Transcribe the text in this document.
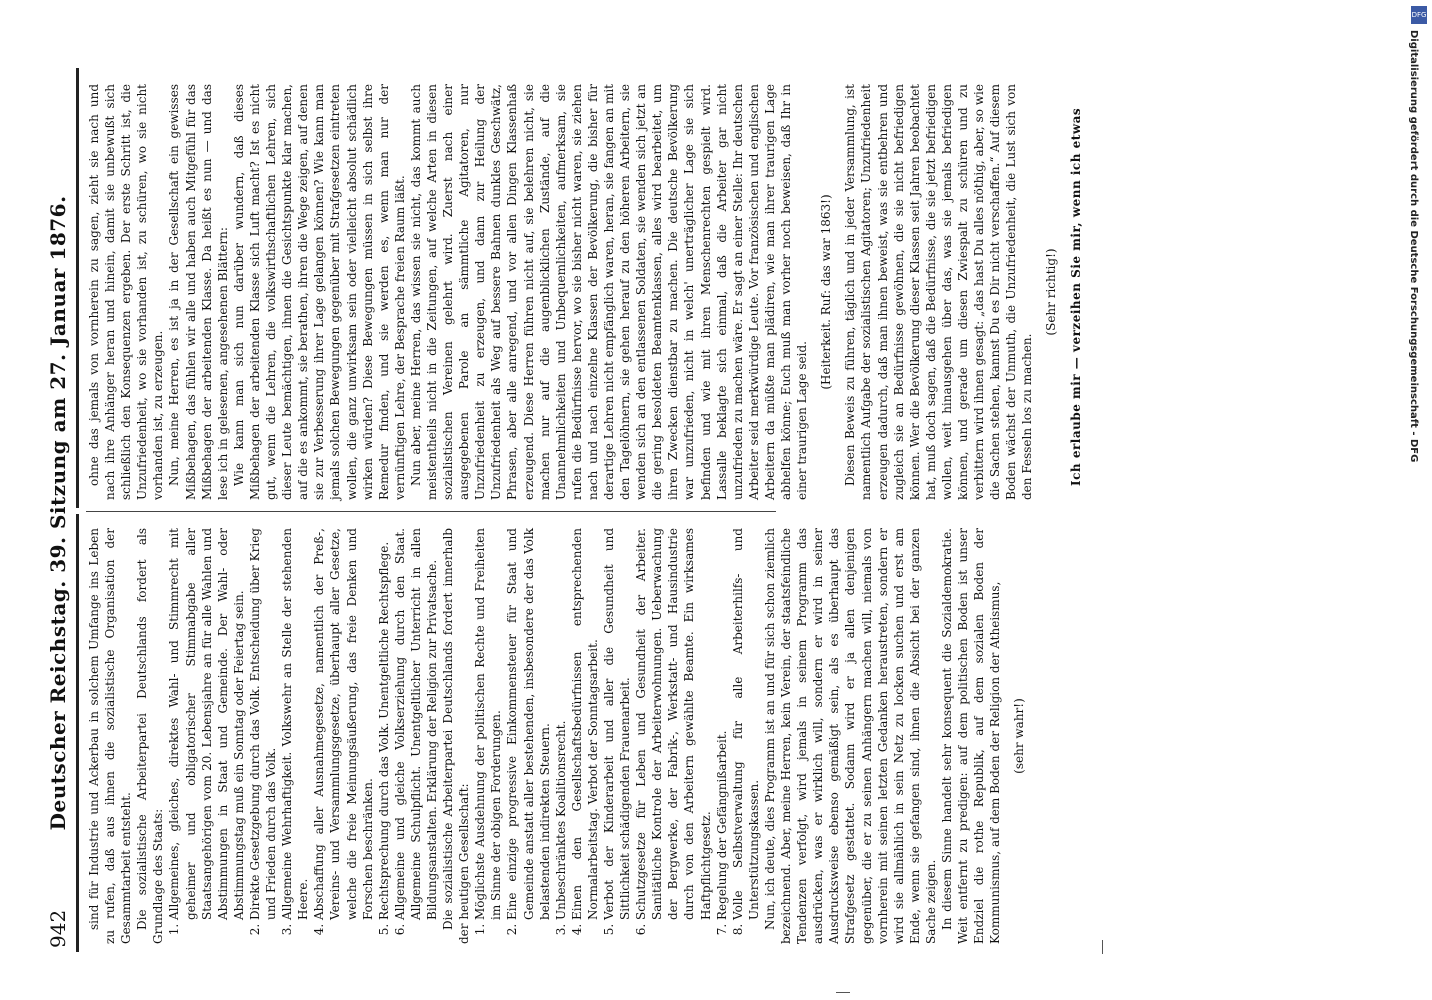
942
Deutscher Reichstag. 39. Sitzung am 27. Januar 1876. sind für Industrie und Ackerbau in solchem Umfange ins Leben zu rufen, daß aus ihnen die sozialistische Organisation der Gesammtarbeit entsteht. Die sozialistische Arbeiterpartei Deutschlands fordert als Grundlage des Staats: 1. Allgemeines, gleiches, direktes Wahl- und Stimmrecht mit geheimer und obligatorischer Stimmabgabe aller Staatsangehörigen vom 20. Lebensjahre an für alle Wahlen und Abstimmungen in Staat und Gemeinde. Der Wahl- oder Abstimmungstag muß ein Sonntag oder Feiertag sein. 2. Direkte Gesetzgebung durch das Volk. Entscheidung über Krieg und Frieden durch das Volk. 3. Allgemeine Wehrhaftigkeit. Volkswehr an Stelle der stehenden Heere. 4. Abschaffung aller Ausnahmegesetze, namentlich der Preß-, Vereins- und Versammlungsgesetze, überhaupt aller Gesetze, welche die freie Meinungsäußerung, das freie Denken und Forschen beschränken. 5. Rechtsprechung durch das Volk. Unentgeltliche Rechtspflege. 6. Allgemeine und gleiche Volkserziehung durch den Staat. Allgemeine Schulpflicht. Unentgeltlicher Unterricht in allen Bildungsanstalten. Erklärung der Religion zur Privatsache. Die sozialistische Arbeiterpartei Deutschlands fordert innerhalb der heutigen Gesellschaft: 1. Möglichste Ausdehnung der politischen Rechte und Freiheiten im Sinne der obigen Forderungen. 2. Eine einzige progressive Einkommensteuer für Staat und Gemeinde anstatt aller bestehenden, insbesondere der das Volk belastenden indirekten Steuern. 3. Unbeschränktes Koalitionsrecht. 4. Einen den Gesellschaftsbedürfnissen entsprechenden Normalarbeitstag. Verbot der Sonntagsarbeit. 5. Verbot der Kinderarbeit und aller die Gesundheit und Sittlichkeit schädigenden Frauenarbeit. 6. Schutzgesetze für Leben und Gesundheit der Arbeiter. Sanitätliche Kontrole der Arbeiterwohnungen. Ueberwachung der Bergwerke, der Fabrik-, Werkstatt- und Hausindustrie durch von den Arbeitern gewählte Beamte. Ein wirksames Haftpflichtgesetz. 7. Regelung der Gefängnißarbeit. 8. Volle Selbstverwaltung für alle Arbeiterhilfs- und Unterstützungskassen. Nun, ich deute, dies Programm ist an und für sich schon ziemlich bezeichnend. Aber, meine Herren, kein Verein, der staatsfeindliche Tendenzen verfolgt, wird jemals in seinem Programm das ausdrücken, was er wirklich will, sondern er wird in seiner Ausdrucksweise ebenso gemäßigt sein, als es überhaupt das Strafgesetz gestattet. Sodann wird er ja allen denjenigen gegenüber, die er zu seinen Anhängern machen will, niemals von vornherein mit seinen letzten Gedanken heraustreten, sondern er wird sie allmählich in sein Netz zu locken suchen und erst am Ende, wenn sie gefangen sind, ihnen die Absicht bei der ganzen Sache zeigen. In diesem Sinne handelt sehr konsequent die Sozialdemokratie. Weit entfernt zu predigen: auf dem politischen Boden ist unser Endziel die rothe Republik, auf dem sozialen Boden der Kommunismus, auf dem Boden der Religion der Atheismus, (sehr wahr!)

ohne das jemals von vornherein zu sagen, zieht sie nach und nach ihre Anhänger heran und hinein, damit sie unbewußt sich schließlich den Konsequenzen ergeben. Der erste Schritt ist, die Unzufriedenheit, wo sie vorhanden ist, zu schüren, wo sie nicht vorhanden ist, zu erzeugen. Nun, meine Herren, es ist ja in der Gesellschaft ein gewisses Mißbehagen, das fühlen wir alle und haben auch Mitgefühl für das Mißbehagen der arbeitenden Klasse. Da heißt es nun — und das lese ich in gelesenen, angesehenen Blättern: Wie kann man sich nun darüber wundern, daß dieses Mißbehagen der arbeitenden Klasse sich Luft macht? Ist es nicht gut, wenn die Lehren, die volkswirthschaftlichen Lehren, sich dieser Leute bemächtigen, ihnen die Gesichtspunkte klar machen, auf die es ankommt, sie berathen, ihren die Wege zeigen, auf denen sie zur Verbesserung ihrer Lage gelangen können? Wie kann man jemals solchen Bewegungen gegenüber mit Strafgesetzen eintreten wollen, die ganz unwirksam sein oder vielleicht absolut schädlich wirken würden? Diese Bewegungen müssen in sich selbst ihre Remedur finden, und sie werden es, wenn man nur der vernünftigen Lehre, der Besprache freien Raum läßt. Nun aber, meine Herren, das wissen sie nicht, das kommt auch meistentheils nicht in die Zeitungen, auf welche Arten in diesen sozialistischen Vereinen gelehrt wird. Zuerst nach einer ausgegebenen Parole an sämmtliche Agitatoren, nur Unzufriedenheit zu erzeugen, und dann zur Heilung der Unzufriedenheit als Weg auf bessere Bahnen dunkles Geschwätz, Phrasen, aber alle anregend, und vor allen Dingen Klassenhaß erzeugend. Diese Herren führen nicht auf, sie belehren nicht, sie machen nur auf die augenblicklichen Zustände, auf die Unannehmlichkeiten und Unbequemlichkeiten, aufmerksam, sie rufen die Bedürfnisse hervor, wo sie bisher nicht waren, sie ziehen nach und nach einzelne Klassen der Bevölkerung, die bisher für derartige Lehren nicht empfänglich waren, heran, sie fangen an mit den Tagelöhnern, sie gehen herauf zu den höheren Arbeitern, sie wenden sich an den entlassenen Soldaten, sie wenden sich jetzt an die gering besoldeten Beamtenklassen, alles wird bearbeitet, um ihren Zwecken dienstbar zu machen. Die deutsche Bevölkerung war unzufrieden, nicht in welch' unerträglicher Lage sie sich befinden und wie mit ihren Menschenrechten gespielt wird. Lassalle beklagte sich einmal, daß die Arbeiter gar nicht unzufrieden zu machen wäre. Er sagt an einer Stelle: Ihr deutschen Arbeiter seid merkwürdige Leute. Vor französischen und englischen Arbeitern da müßte man plädiren, wie man ihrer traurigen Lage abhelfen könne; Euch muß man vorher noch beweisen, daß Ihr in einer traurigen Lage seid.

(Heiterkeit. Ruf: das war 1863!) Diesen Beweis zu führen, täglich und in jeder Versammlung, ist namentlich Aufgabe der sozialistischen Agitatoren; Unzufriedenheit erzeugen dadurch, daß man ihnen beweist, was sie entbehren und zugleich sie an Bedürfnisse gewöhnen, die sie nicht befriedigen können. Wer die Bevölkerung dieser Klassen seit Jahren beobachtet hat, muß doch sagen, daß die Bedürfnisse, die sie jetzt befriedigen wollen, weit hinausgehen über das, was sie jemals befriedigen können, und gerade um diesen Zwiespalt zu schüren und zu verbittern wird ihnen gesagt: „das hast Du alles nöthig, aber, so wie die Sachen stehen, kannst Du es Dir nicht verschaffen.“ Auf diesem Boden wächst der Unmuth, die Unzufriedenheit, die Lust sich von den Fesseln los zu machen.

(Sehr richtig!) Ich erlaube mir — verzeihen Sie mir, wenn ich etwas

DFG
Digitalisierung gefördert durch die Deutsche Forschungsgemeinschaft - DFG
